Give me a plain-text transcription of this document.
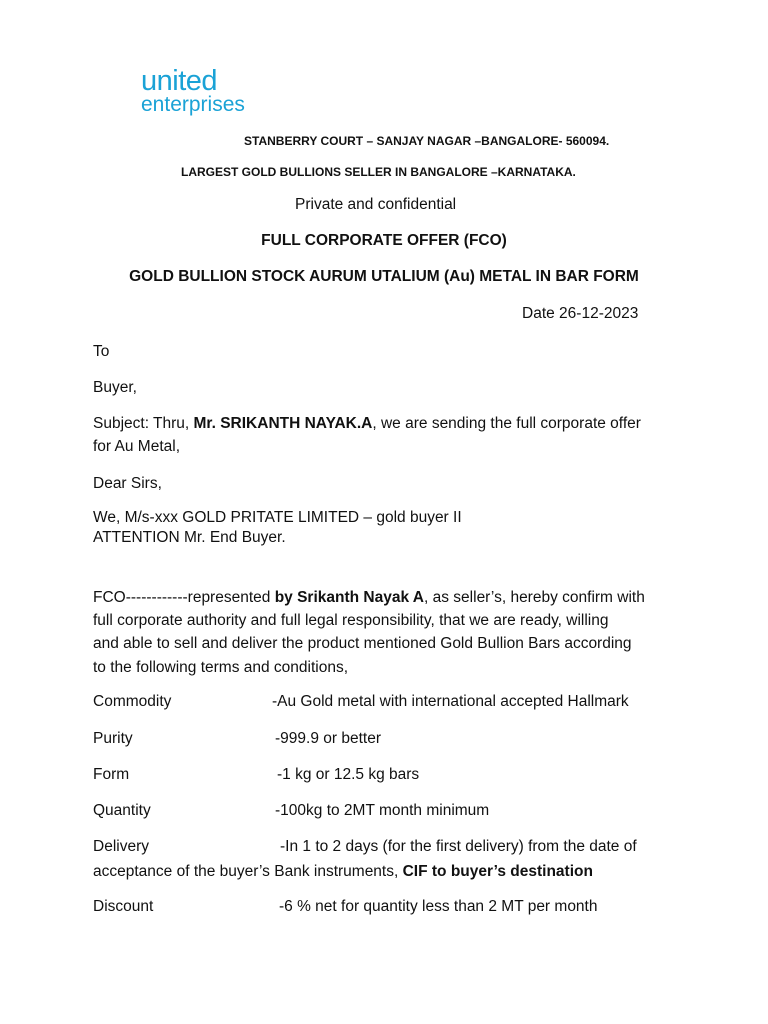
united
enterprises
STANBERRY COURT – SANJAY NAGAR –BANGALORE- 560094.
LARGEST GOLD BULLIONS SELLER IN BANGALORE –KARNATAKA.
Private and confidential
FULL CORPORATE OFFER (FCO)
GOLD BULLION STOCK AURUM UTALIUM (Au) METAL IN BAR FORM
Date 26-12-2023
To
Buyer,
Subject: Thru, Mr. SRIKANTH NAYAK.A, we are sending the full corporate offer
for Au Metal,
Dear Sirs,
We, M/s-xxx GOLD PRITATE LIMITED – gold buyer II
ATTENTION Mr. End Buyer.
FCO------------represented by Srikanth Nayak A, as seller’s, hereby confirm with
full corporate authority and full legal responsibility, that we are ready, willing
and able to sell and deliver the product mentioned Gold Bullion Bars according
to the following terms and conditions,
Commodity	-Au Gold metal with international accepted Hallmark
Purity	-999.9 or better
Form	-1 kg or 12.5 kg bars
Quantity	-100kg to 2MT month minimum
Delivery	-In 1 to 2 days (for the first delivery) from the date of
acceptance of the buyer’s Bank instruments, CIF to buyer’s destination
Discount	-6 % net for quantity less than 2 MT per month
